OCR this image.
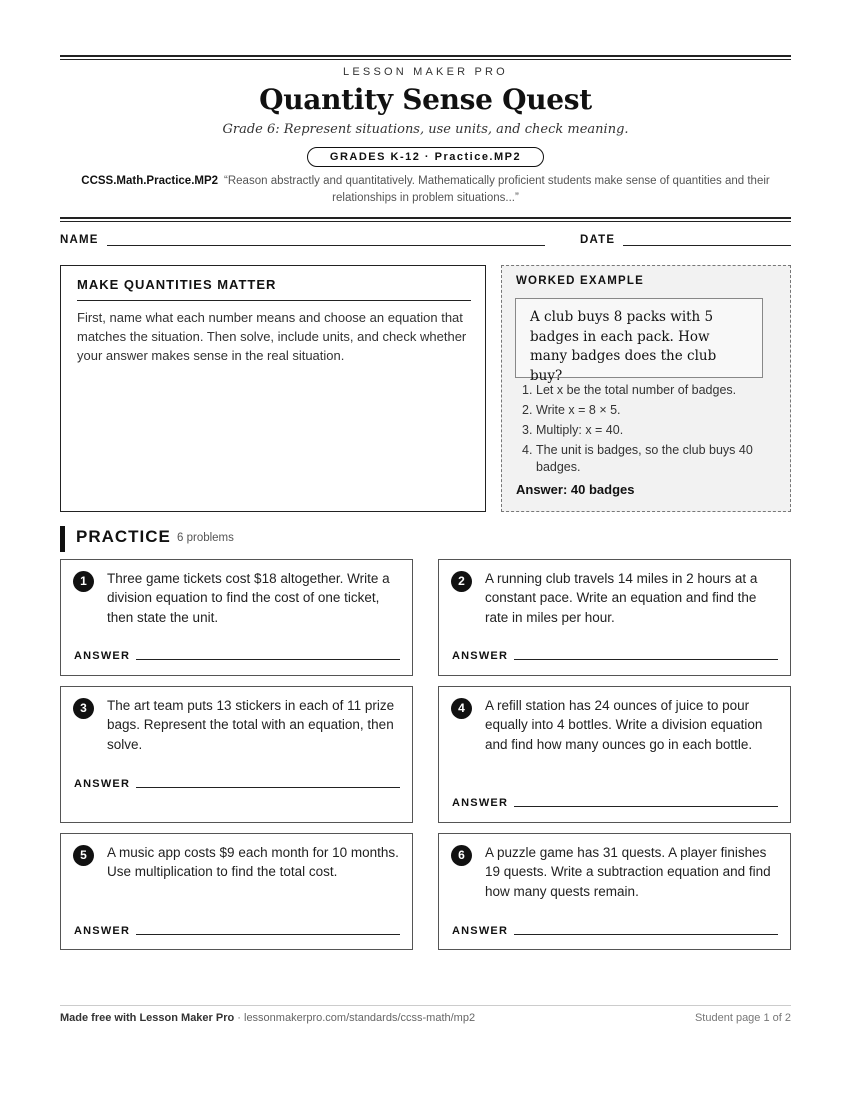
LESSON MAKER PRO
Quantity Sense Quest
Grade 6: Represent situations, use units, and check meaning.
GRADES K-12 · Practice.MP2
CCSS.Math.Practice.MP2 “Reason abstractly and quantitatively. Mathematically proficient students make sense of quantities and their relationships in problem situations...”
NAME	DATE
MAKE QUANTITIES MATTER
First, name what each number means and choose an equation that matches the situation. Then solve, include units, and check whether your answer makes sense in the real situation.
WORKED EXAMPLE
A club buys 8 packs with 5 badges in each pack. How many badges does the club buy?
1. Let x be the total number of badges.
2. Write x = 8 × 5.
3. Multiply: x = 40.
4. The unit is badges, so the club buys 40 badges.
Answer: 40 badges
PRACTICE 6 problems
1	Three game tickets cost $18 altogether. Write a division equation to find the cost of one ticket, then state the unit.
ANSWER
2	A running club travels 14 miles in 2 hours at a constant pace. Write an equation and find the rate in miles per hour.
ANSWER
3	The art team puts 13 stickers in each of 11 prize bags. Represent the total with an equation, then solve.
ANSWER
4	A refill station has 24 ounces of juice to pour equally into 4 bottles. Write a division equation and find how many ounces go in each bottle.
ANSWER
5	A music app costs $9 each month for 10 months. Use multiplication to find the total cost.
ANSWER
6	A puzzle game has 31 quests. A player finishes 19 quests. Write a subtraction equation and find how many quests remain.
ANSWER
Made free with Lesson Maker Pro · lessonmakerpro.com/standards/ccss-math/mp2	Student page 1 of 2
